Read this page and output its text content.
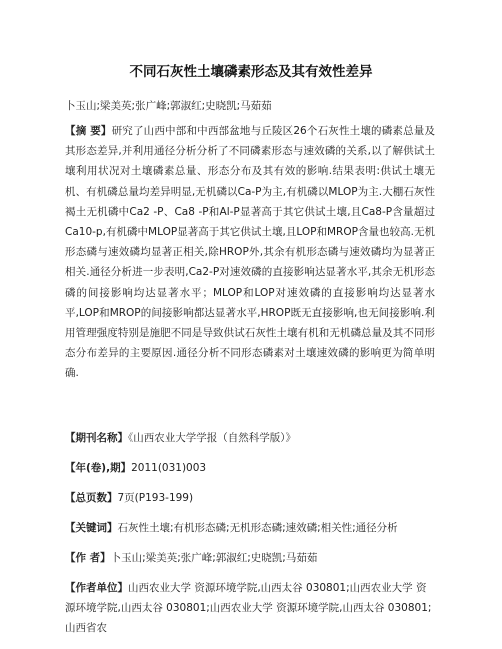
不同石灰性土壤磷素形态及其有效性差异
卜玉山;梁美英;张广峰;郭淑红;史晓凯;马茹茹
【摘 要】研究了山西中部和中西部盆地与丘陵区26个石灰性土壤的磷素总量及其形态差异,并利用通径分析分析了不同磷素形态与速效磷的关系,以了解供试土壤利用状况对土壤磷素总量、形态分布及其有效的影响.结果表明:供试土壤无机、有机磷总量均差异明显,无机磷以Ca-P为主,有机磷以MLOP为主.大棚石灰性褐土无机磷中Ca2 -P、Ca8 -P和Al-P显著高于其它供试土壤,且Ca8-P含量超过Ca10-p,有机磷中MLOP显著高于其它供试土壤,且LOP和MROP含量也较高.无机形态磷与速效磷均显著正相关,除HROP外,其余有机形态磷与速效磷均为显著正相关.通径分析进一步表明,Ca2-P对速效磷的直接影响达显著水平,其余无机形态磷的间接影响均达显著水平；MLOP和LOP对速效磷的直接影响均达显著水平,LOP和MROP的间接影响都达显著水平,HROP既无直接影响,也无间接影响.利用管理强度特别是施肥不同是导致供试石灰性土壤有机和无机磷总量及其不同形态分布差异的主要原因.通径分析不同形态磷素对土壤速效磷的影响更为简单明确.
【期刊名称】《山西农业大学学报（自然科学版）》
【年(卷),期】2011(031)003
【总页数】7页(P193-199)
【关键词】石灰性土壤;有机形态磷;无机形态磷;速效磷;相关性;通径分析
【作 者】卜玉山;梁美英;张广峰;郭淑红;史晓凯;马茹茹
【作者单位】山西农业大学 资源环境学院,山西太谷 030801;山西农业大学 资源环境学院,山西太谷 030801;山西农业大学 资源环境学院,山西太谷 030801;山西省农
